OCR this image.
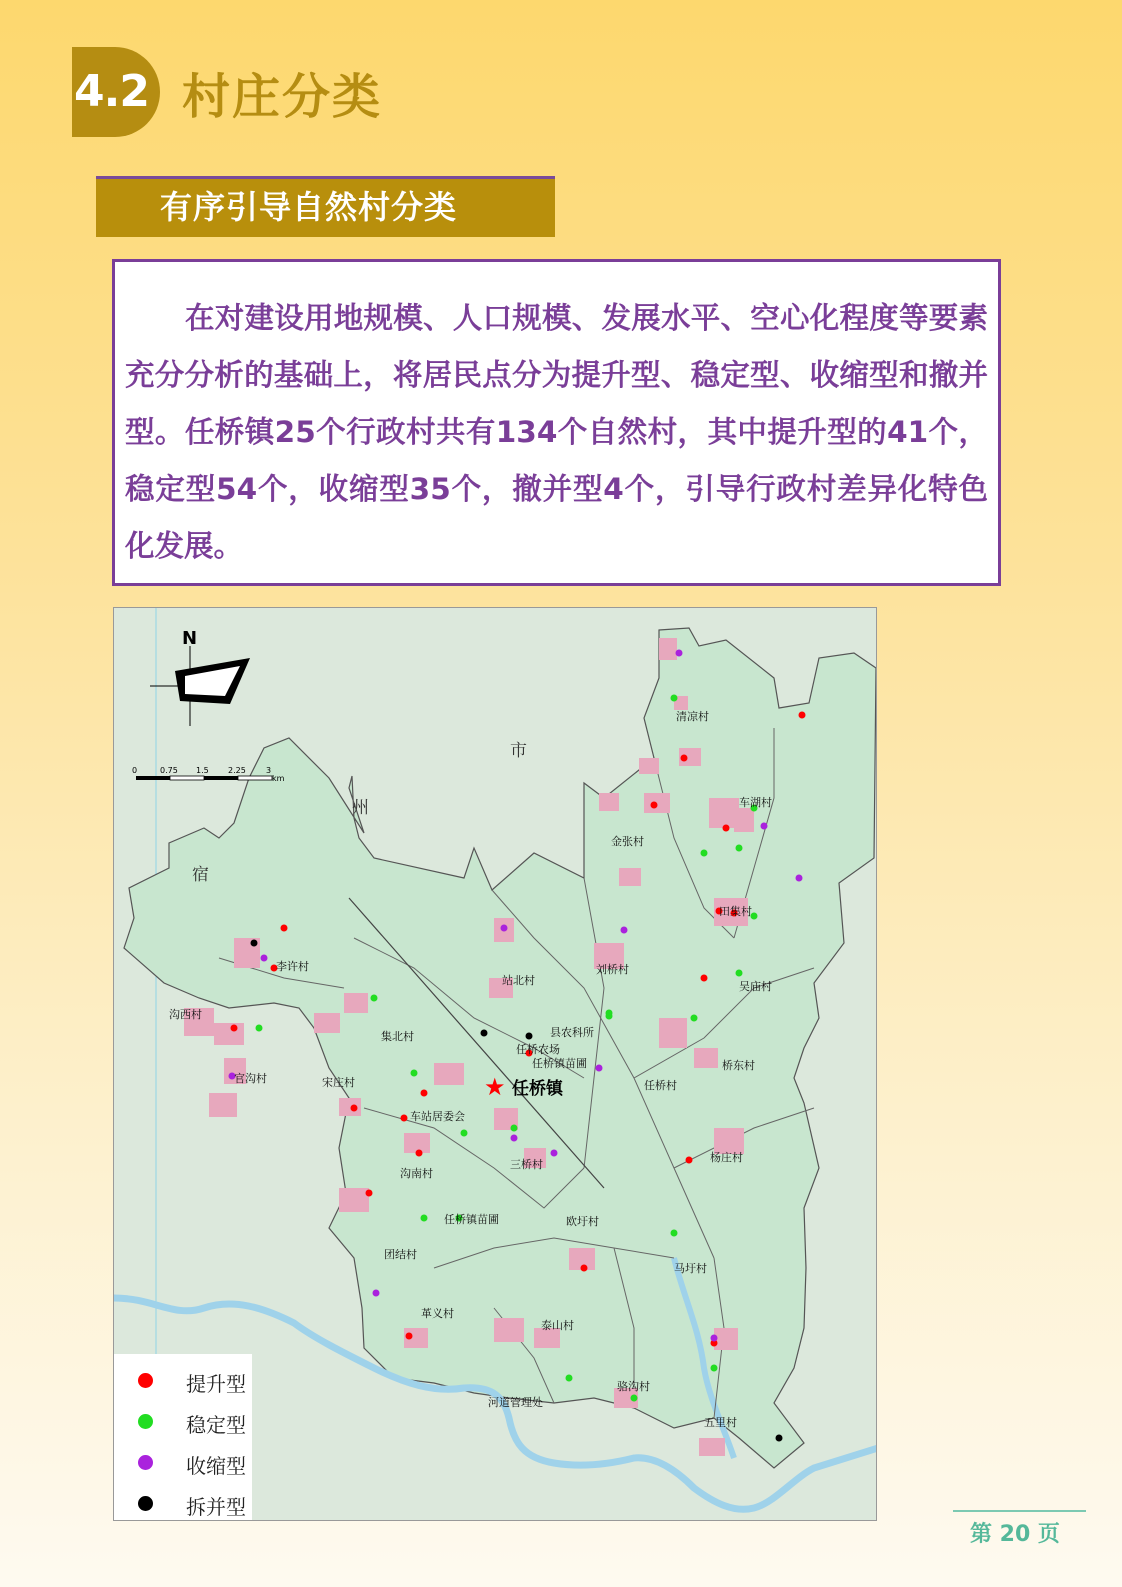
4.2 村庄分类
有序引导自然村分类

在对建设用地规模、人口规模、发展水平、空心化程度等要素充分分析的基础上，将居民点分为提升型、稳定型、收缩型和撤并型。任桥镇25个行政村共有134个自然村，其中提升型的41个，稳定型54个，收缩型35个，撤并型4个，引导行政村差异化特色化发展。

★
N
0	0.75 1.5 2.25	3
km
市
州
宿
任桥镇
清凉村
车湖村
金张村
田集村
李许村
站北村
刘桥村
吴庙村
沟西村
集北村	县农科所
任桥农场
任桥镇苗圃	桥东村
官沟村	宋庄村	任桥村
车站居委会
三桥村
沟南村
杨庄村
任桥镇苗圃	欧圩村
团结村
马圩村
革义村
泰山村
骆沟村
河道管理处
五里村
提升型
稳定型
收缩型
拆并型
第 20 页
